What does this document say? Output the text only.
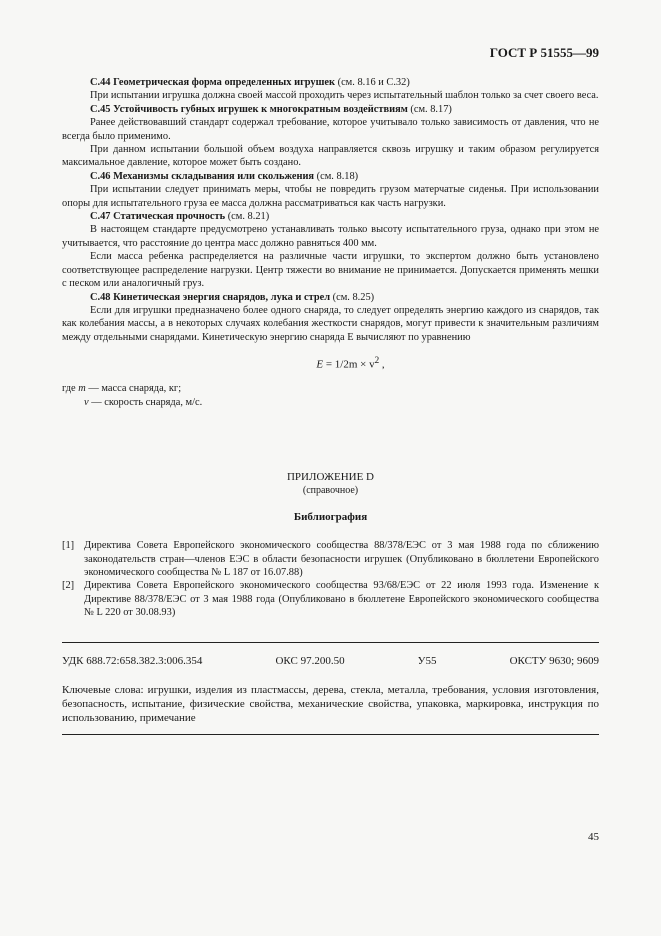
ГОСТ Р 51555—99

С.44 Геометрическая форма определенных игрушек (см. 8.16 и С.32)

При испытании игрушка должна своей массой проходить через испытательный шаблон только за счет своего веса.

С.45 Устойчивость губных игрушек к многократным воздействиям (см. 8.17)

Ранее действовавший стандарт содержал требование, которое учитывало только зависимость от давления, что не всегда было применимо.

При данном испытании большой объем воздуха направляется сквозь игрушку и таким образом регулируется максимальное давление, которое может быть создано.

С.46 Механизмы складывания или скольжения (см. 8.18)

При испытании следует принимать меры, чтобы не повредить грузом матерчатые сиденья. При использовании опоры для испытательного груза ее масса должна рассматриваться как часть нагрузки.

С.47 Статическая прочность (см. 8.21)

В настоящем стандарте предусмотрено устанавливать только высоту испытательного груза, однако при этом не учитывается, что расстояние до центра масс должно равняться 400 мм.

Если масса ребенка распределяется на различные части игрушки, то экспертом должно быть установлено соответствующее распределение нагрузки. Центр тяжести во внимание не принимается. Допускается применять мешки с песком или аналогичный груз.

С.48 Кинетическая энергия снарядов, лука и стрел (см. 8.25)

Если для игрушки предназначено более одного снаряда, то следует определять энергию каждого из снарядов, так как колебания массы, а в некоторых случаях колебания жесткости снарядов, могут привести к значительным различиям между отдельными снарядами. Кинетическую энергию снаряда E вычисляют по уравнению

$E = 1/2m \times v^2$ ,

где m — масса снаряда, кг;

v — скорость снаряда, м/с.

ПРИЛОЖЕНИЕ D
(справочное)
Библиография
[1] Директива Совета Европейского экономического сообщества 88/378/ЕЭС от 3 мая 1988 года по сближению законодательств стран—членов ЕЭС в области безопасности игрушек (Опубликовано в бюллетени Европейского экономического сообщества № L 187 от 16.07.88)
[2] Директива Совета Европейского экономического сообщества 93/68/ЕЭС от 22 июля 1993 года. Изменение к Директиве 88/378/ЕЭС от 3 мая 1988 года (Опубликовано в бюллетене Европейского экономического сообщества № L 220 от 30.08.93)
УДК 688.72:658.382.3:006.354	ОКС 97.200.50	У55	ОКСТУ 9630; 9609
Ключевые слова: игрушки, изделия из пластмассы, дерева, стекла, металла, требования, условия изготовления, безопасность, испытание, физические свойства, механические свойства, упаковка, маркировка, инструкция по использованию, примечание
45
